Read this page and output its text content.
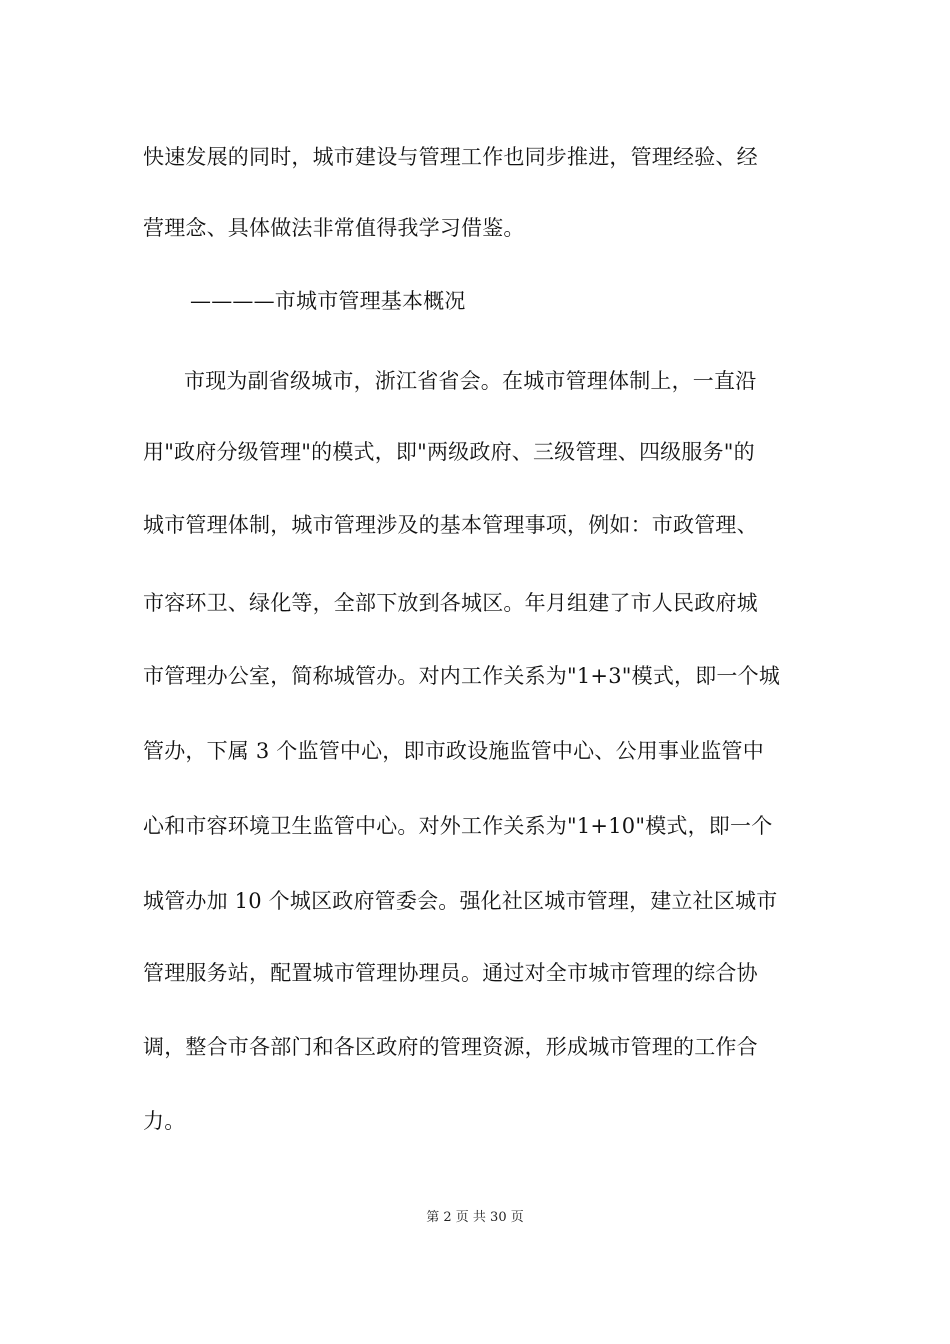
快速发展的同时，城市建设与管理工作也同步推进，管理经验、经
营理念、具体做法非常值得我学习借鉴。
————市城市管理基本概况
市现为副省级城市，浙江省省会。在城市管理体制上，一直沿
用"政府分级管理"的模式，即"两级政府、三级管理、四级服务"的
城市管理体制，城市管理涉及的基本管理事项，例如：市政管理、
市容环卫、绿化等，全部下放到各城区。年月组建了市人民政府城
市管理办公室，简称城管办。对内工作关系为"1+3"模式，即一个城
管办，下属 3 个监管中心，即市政设施监管中心、公用事业监管中
心和市容环境卫生监管中心。对外工作关系为"1+10"模式，即一个
城管办加 10 个城区政府管委会。强化社区城市管理，建立社区城市
管理服务站，配置城市管理协理员。通过对全市城市管理的综合协
调，整合市各部门和各区政府的管理资源，形成城市管理的工作合
力。
第 2 页 共 30 页
